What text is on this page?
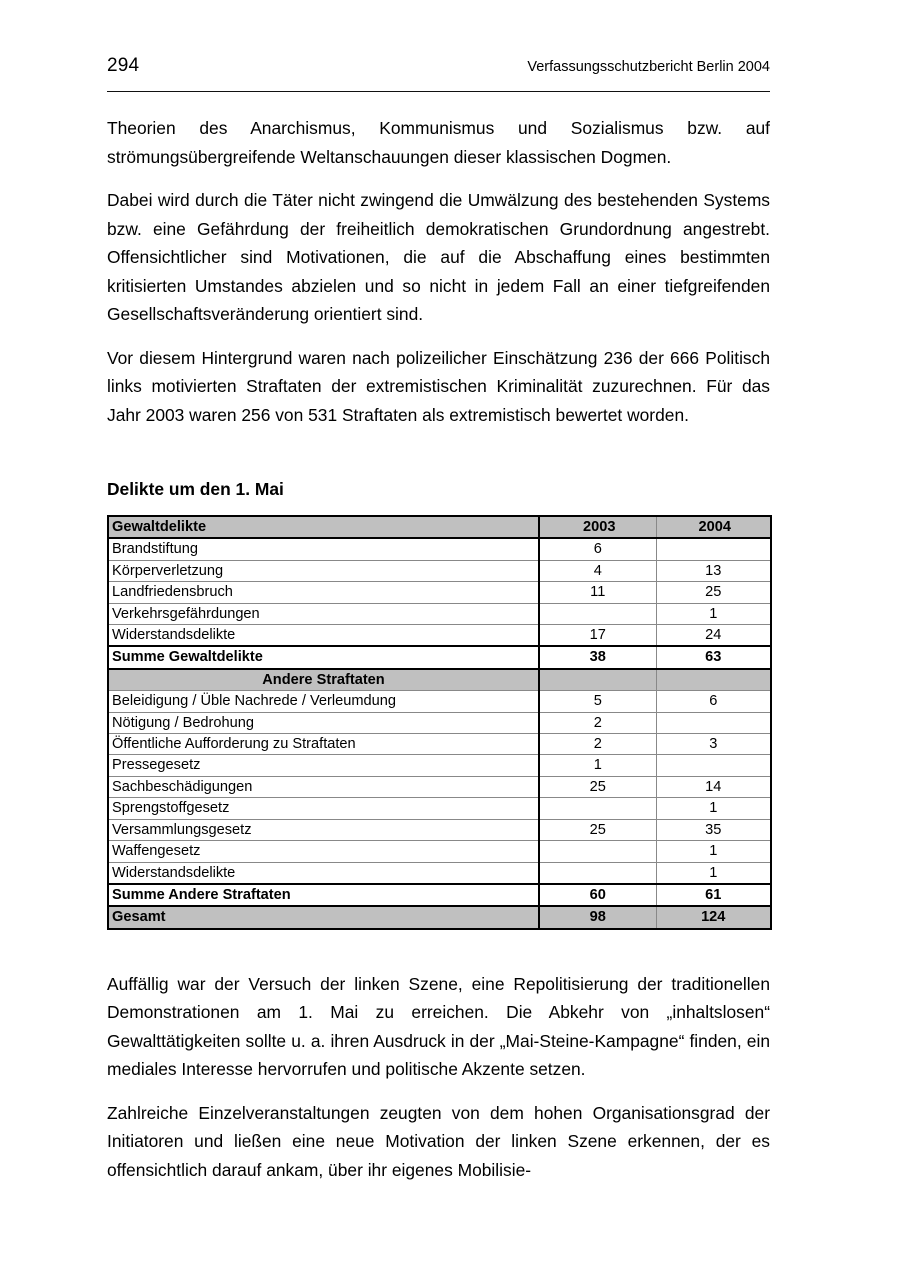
294	Verfassungsschutzbericht Berlin 2004

Theorien des Anarchismus, Kommunismus und Sozialismus bzw. auf strömungsübergreifende Weltanschauungen dieser klassischen Dogmen.

Dabei wird durch die Täter nicht zwingend die Umwälzung des bestehenden Systems bzw. eine Gefährdung der freiheitlich demokratischen Grundordnung angestrebt. Offensichtlicher sind Motivationen, die auf die Abschaffung eines bestimmten kritisierten Umstandes abzielen und so nicht in jedem Fall an einer tiefgreifenden Gesellschaftsveränderung orientiert sind.

Vor diesem Hintergrund waren nach polizeilicher Einschätzung 236 der 666 Politisch links motivierten Straftaten der extremistischen Kriminalität zuzurechnen. Für das Jahr 2003 waren 256 von 531 Straftaten als extremistisch bewertet worden.

Delikte um den 1. Mai
Gewaltdelikte	2003	2004
Brandstiftung	6	
Körperverletzung	4	13
Landfriedensbruch	11	25
Verkehrsgefährdungen		1
Widerstandsdelikte	17	24
Summe Gewaltdelikte	38	63
Andere Straftaten		
Beleidigung / Üble Nachrede / Verleumdung	5	6
Nötigung / Bedrohung	2	
Öffentliche Aufforderung zu Straftaten	2	3
Pressegesetz	1	
Sachbeschädigungen	25	14
Sprengstoffgesetz		1
Versammlungsgesetz	25	35
Waffengesetz		1
Widerstandsdelikte		1
Summe Andere Straftaten	60	61
Gesamt	98	124

Auffällig war der Versuch der linken Szene, eine Repolitisierung der traditionellen Demonstrationen am 1. Mai zu erreichen. Die Abkehr von „inhaltslosen“ Gewalttätigkeiten sollte u. a. ihren Ausdruck in der „Mai-Steine-Kampagne“ finden, ein mediales Interesse hervorrufen und politische Akzente setzen.

Zahlreiche Einzelveranstaltungen zeugten von dem hohen Organisationsgrad der Initiatoren und ließen eine neue Motivation der linken Szene erkennen, der es offensichtlich darauf ankam, über ihr eigenes Mobilisie-
